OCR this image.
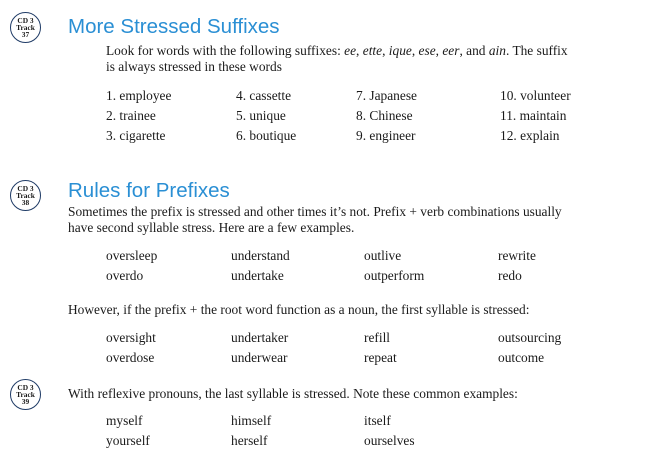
CD 3
Track
37 More Stressed Suffixes

Look for words with the following suffixes: ee, ette, ique, ese, eer, and ain. The suffix
is always stressed in these words

1. employee	4. cassette	7. Japanese	10. volunteer
2. trainee	5. unique	8. Chinese	11. maintain
3. cigarette	6. boutique	9. engineer	12. explain
CD 3
Track
38
Rules for Prefixes

Sometimes the prefix is stressed and other times it’s not. Prefix + verb combinations usually
have second syllable stress. Here are a few examples.

oversleep	understand	outlive	rewrite
overdo	undertake	outperform	redo

However, if the prefix + the root word function as a noun, the first syllable is stressed:

oversight	undertaker	refill	outsourcing
overdose	underwear	repeat	outcome
CD 3
Track
39

With reflexive pronouns, the last syllable is stressed. Note these common examples:

myself	himself	itself
yourself	herself	ourselves
